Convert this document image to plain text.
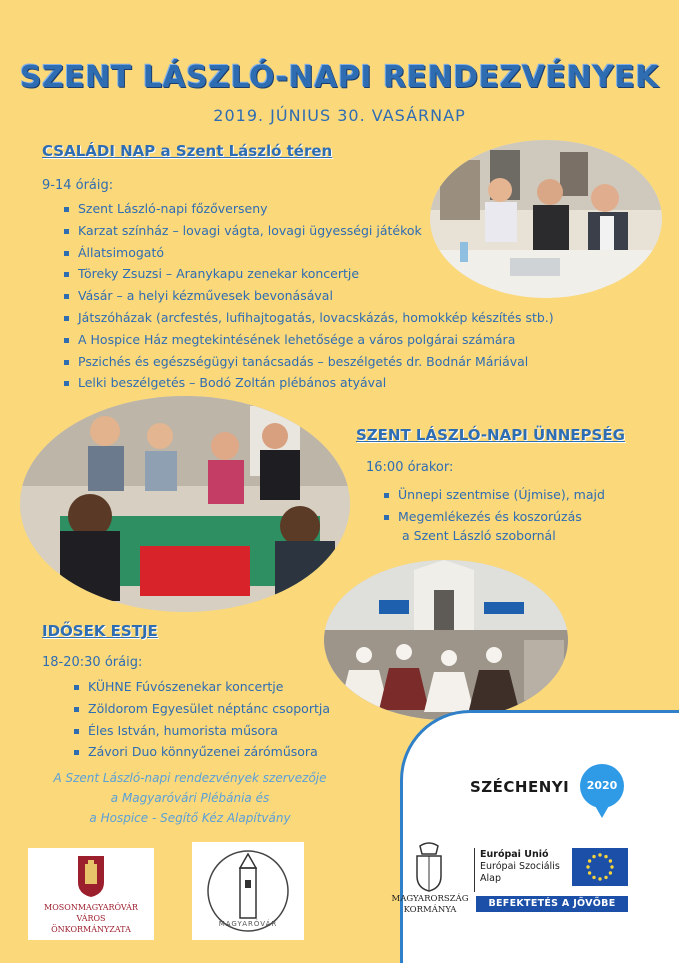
SZENT LÁSZLÓ-NAPI RENDEZVÉNYEK
2019. JÚNIUS 30. VASÁRNAP
CSALÁDI NAP a Szent László téren
9-14 óráig:
Szent László-napi főzőverseny
Karzat színház – lovagi vágta, lovagi ügyességi játékok
Állatsimogató
Töreky Zsuzsi – Aranykapu zenekar koncertje
Vásár – a helyi kézművesek bevonásával
Játszóházak (arcfestés, lufihajtogatás, lovacskázás, homokkép készítés stb.)
A Hospice Ház megtekintésének lehetősége a város polgárai számára
Pszichés és egészségügyi tanácsadás – beszélgetés dr. Bodnár Máriával
Lelki beszélgetés – Bodó Zoltán plébános atyával
SZENT LÁSZLÓ-NAPI ÜNNEPSÉG
16:00 órakor:
Ünnepi szentmise (Újmise), majd
Megemlékezés és koszorúzás
a Szent László szobornál
IDŐSEK ESTJE
18-20:30 óráig:
KÜHNE Fúvószenekar koncertje
Zöldorom Egyesület néptánc csoportja
Éles István, humorista műsora
Závori Duo könnyűzenei záróműsora
A Szent László-napi rendezvények szervezője
a Magyaróvári Plébánia és
a Hospice - Segítő Kéz Alapítvány
MOSONMAGYARÓVÁR
VÁROS
ÖNKORMÁNYZATA
MAGYARÓVÁR
SZÉCHENYI	2020
MAGYARORSZÁG
KORMÁNYA
Európai Unió
Európai Szociális
Alap
BEFEKTETÉS A JÖVŐBE
